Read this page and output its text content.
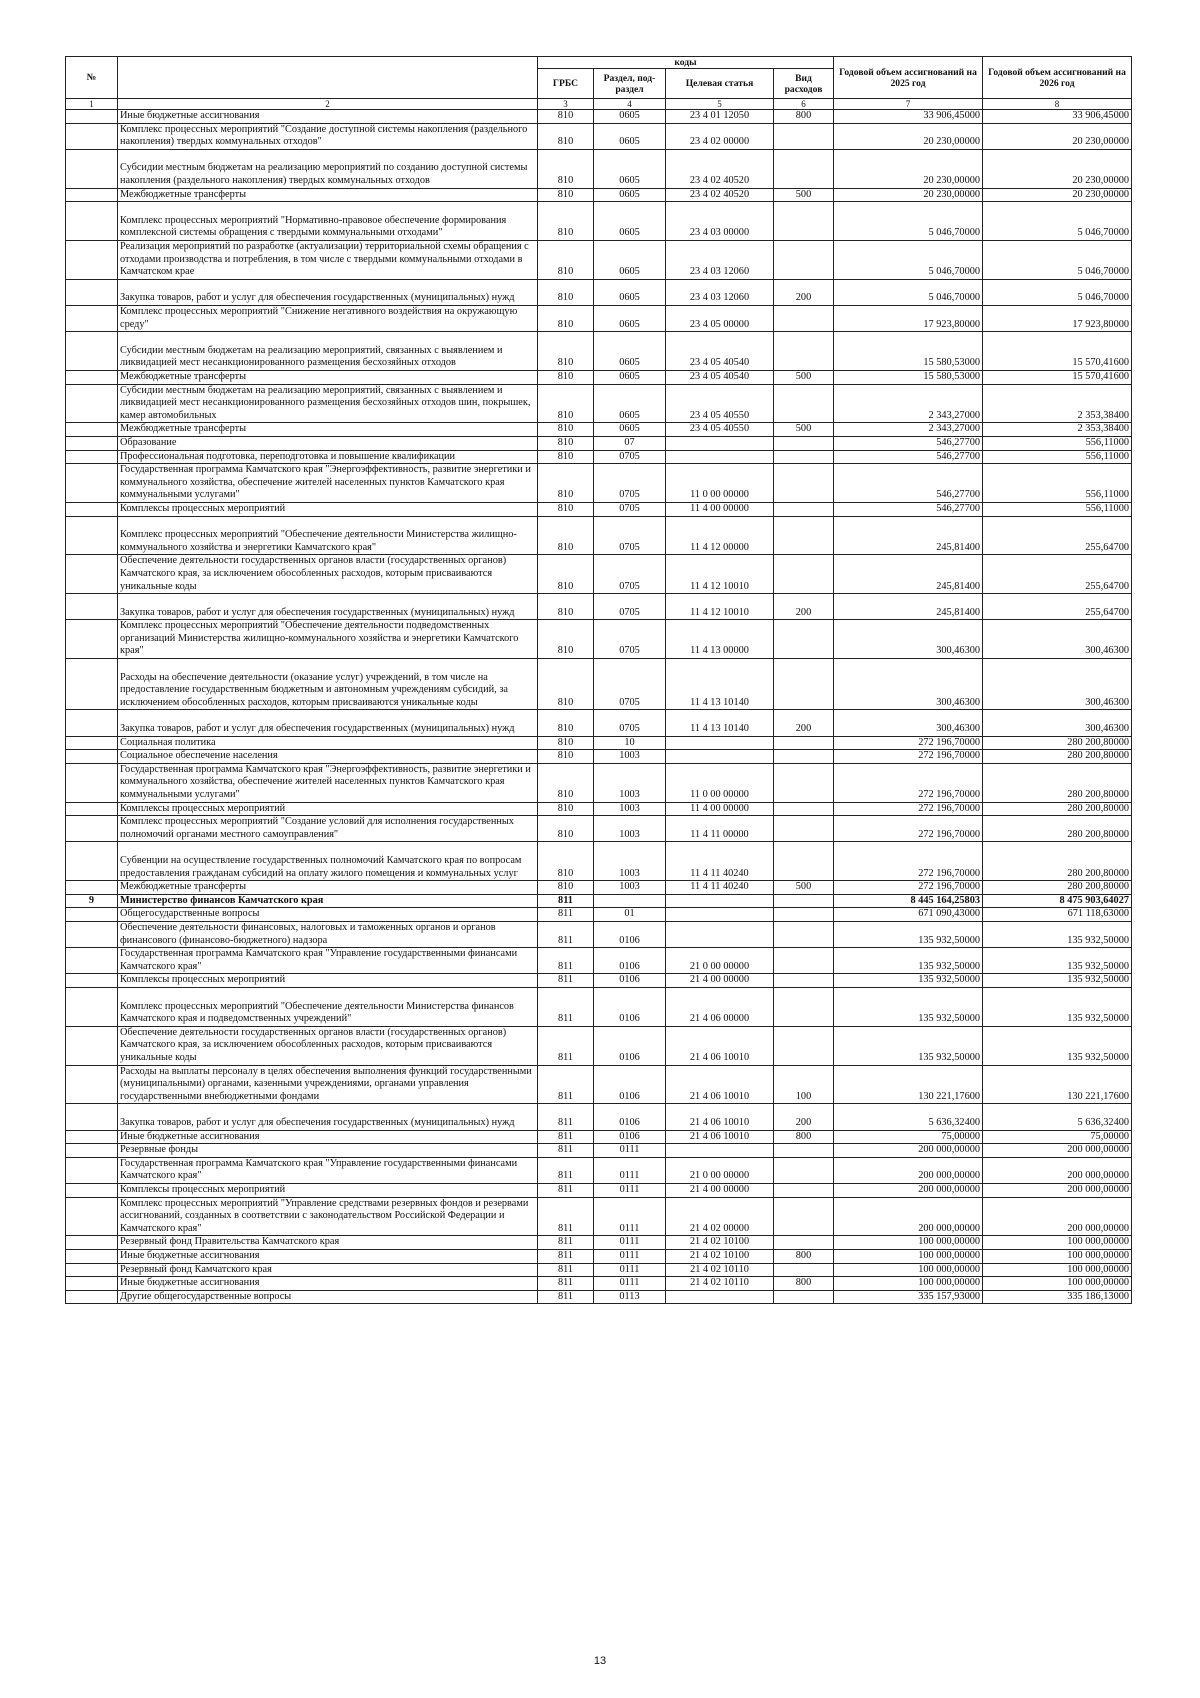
№		коды				Годовой объем ассигнований на 2025 год	Годовой объем ассигнований на 2026 год
		ГРБС	Раздел, под-раздел	Целевая статья	Вид расходов		
1	2	3	4	5	6	7	8
	Иные бюджетные ассигнования	810	0605	23 4 01 12050	800	33 906,45000	33 906,45000
	Комплекс процессных мероприятий "Создание доступной системы накопления (раздельного накопления) твердых коммунальных отходов"	810	0605	23 4 02 00000		20 230,00000	20 230,00000
	Субсидии местным бюджетам на реализацию мероприятий по созданию доступной системы накопления (раздельного накопления) твердых коммунальных отходов	810	0605	23 4 02 40520		20 230,00000	20 230,00000
	Межбюджетные трансферты	810	0605	23 4 02 40520	500	20 230,00000	20 230,00000
	Комплекс процессных мероприятий "Нормативно-правовое обеспечение формирования комплексной системы обращения с твердыми коммунальными отходами"	810	0605	23 4 03 00000		5 046,70000	5 046,70000
	Реализация мероприятий по разработке (актуализации) территориальной схемы обращения с отходами производства и потребления, в том числе с твердыми коммунальными отходами в Камчатском крае	810	0605	23 4 03 12060		5 046,70000	5 046,70000
	Закупка товаров, работ и услуг для обеспечения государственных (муниципальных) нужд	810	0605	23 4 03 12060	200	5 046,70000	5 046,70000
	Комплекс процессных мероприятий "Снижение негативного воздействия на окружающую среду"	810	0605	23 4 05 00000		17 923,80000	17 923,80000
	Субсидии местным бюджетам на реализацию мероприятий, связанных с выявлением и ликвидацией мест несанкционированного размещения бесхозяйных отходов	810	0605	23 4 05 40540		15 580,53000	15 570,41600
	Межбюджетные трансферты	810	0605	23 4 05 40540	500	15 580,53000	15 570,41600
	Субсидии местным бюджетам на реализацию мероприятий, связанных с выявлением и ликвидацией мест несанкционированного размещения бесхозяйных отходов шин, покрышек, камер автомобильных	810	0605	23 4 05 40550		2 343,27000	2 353,38400
	Межбюджетные трансферты	810	0605	23 4 05 40550	500	2 343,27000	2 353,38400
	Образование	810	07			546,27700	556,11000
	Профессиональная подготовка, переподготовка и повышение квалификации	810	0705			546,27700	556,11000
	Государственная программа Камчатского края "Энергоэффективность, развитие энергетики и коммунального хозяйства, обеспечение жителей населенных пунктов Камчатского края коммунальными услугами"	810	0705	11 0 00 00000		546,27700	556,11000
	Комплексы процессных мероприятий	810	0705	11 4 00 00000		546,27700	556,11000
	Комплекс процессных мероприятий "Обеспечение деятельности Министерства жилищно-коммунального хозяйства и энергетики Камчатского края"	810	0705	11 4 12 00000		245,81400	255,64700
	Обеспечение деятельности государственных органов власти (государственных органов) Камчатского края, за исключением обособленных расходов, которым присваиваются уникальные коды	810	0705	11 4 12 10010		245,81400	255,64700
	Закупка товаров, работ и услуг для обеспечения государственных (муниципальных) нужд	810	0705	11 4 12 10010	200	245,81400	255,64700
	Комплекс процессных мероприятий "Обеспечение деятельности подведомственных организаций Министерства жилищно-коммунального хозяйства и энергетики Камчатского края"	810	0705	11 4 13 00000		300,46300	300,46300
	Расходы на обеспечение деятельности (оказание услуг) учреждений, в том числе на предоставление государственным бюджетным и автономным учреждениям субсидий, за исключением обособленных расходов, которым присваиваются уникальные коды	810	0705	11 4 13 10140		300,46300	300,46300
	Закупка товаров, работ и услуг для обеспечения государственных (муниципальных) нужд	810	0705	11 4 13 10140	200	300,46300	300,46300
	Социальная политика	810	10			272 196,70000	280 200,80000
	Социальное обеспечение населения	810	1003			272 196,70000	280 200,80000
	Государственная программа Камчатского края "Энергоэффективность, развитие энергетики и коммунального хозяйства, обеспечение жителей населенных пунктов Камчатского края коммунальными услугами"	810	1003	11 0 00 00000		272 196,70000	280 200,80000
	Комплексы процессных мероприятий	810	1003	11 4 00 00000		272 196,70000	280 200,80000
	Комплекс процессных мероприятий "Создание условий для исполнения государственных полномочий органами местного самоуправления"	810	1003	11 4 11 00000		272 196,70000	280 200,80000
	Субвенции на осуществление государственных полномочий Камчатского края по вопросам предоставления гражданам субсидий на оплату жилого помещения и коммунальных услуг	810	1003	11 4 11 40240		272 196,70000	280 200,80000
	Межбюджетные трансферты	810	1003	11 4 11 40240	500	272 196,70000	280 200,80000
9	Министерство финансов Камчатского края	811				8 445 164,25803	8 475 903,64027
	Общегосударственные вопросы	811	01			671 090,43000	671 118,63000
	Обеспечение деятельности финансовых, налоговых и таможенных органов и органов финансового (финансово-бюджетного) надзора	811	0106			135 932,50000	135 932,50000
	Государственная программа Камчатского края "Управление государственными финансами Камчатского края"	811	0106	21 0 00 00000		135 932,50000	135 932,50000
	Комплексы процессных мероприятий	811	0106	21 4 00 00000		135 932,50000	135 932,50000
	Комплекс процессных мероприятий "Обеспечение деятельности Министерства финансов Камчатского края и подведомственных учреждений"	811	0106	21 4 06 00000		135 932,50000	135 932,50000
	Обеспечение деятельности государственных органов власти (государственных органов) Камчатского края, за исключением обособленных расходов, которым присваиваются уникальные коды	811	0106	21 4 06 10010		135 932,50000	135 932,50000
	Расходы на выплаты персоналу в целях обеспечения выполнения функций государственными (муниципальными) органами, казенными учреждениями, органами управления государственными внебюджетными фондами	811	0106	21 4 06 10010	100	130 221,17600	130 221,17600
	Закупка товаров, работ и услуг для обеспечения государственных (муниципальных) нужд	811	0106	21 4 06 10010	200	5 636,32400	5 636,32400
	Иные бюджетные ассигнования	811	0106	21 4 06 10010	800	75,00000	75,00000
	Резервные фонды	811	0111			200 000,00000	200 000,00000
	Государственная программа Камчатского края "Управление государственными финансами Камчатского края"	811	0111	21 0 00 00000		200 000,00000	200 000,00000
	Комплексы процессных мероприятий	811	0111	21 4 00 00000		200 000,00000	200 000,00000
	Комплекс процессных мероприятий "Управление средствами резервных фондов и резервами ассигнований, созданных в соответствии с законодательством Российской Федерации и Камчатского края"	811	0111	21 4 02 00000		200 000,00000	200 000,00000
	Резервный фонд Правительства Камчатского края	811	0111	21 4 02 10100		100 000,00000	100 000,00000
	Иные бюджетные ассигнования	811	0111	21 4 02 10100	800	100 000,00000	100 000,00000
	Резервный фонд Камчатского края	811	0111	21 4 02 10110		100 000,00000	100 000,00000
	Иные бюджетные ассигнования	811	0111	21 4 02 10110	800	100 000,00000	100 000,00000
	Другие общегосударственные вопросы	811	0113			335 157,93000	335 186,13000
13
